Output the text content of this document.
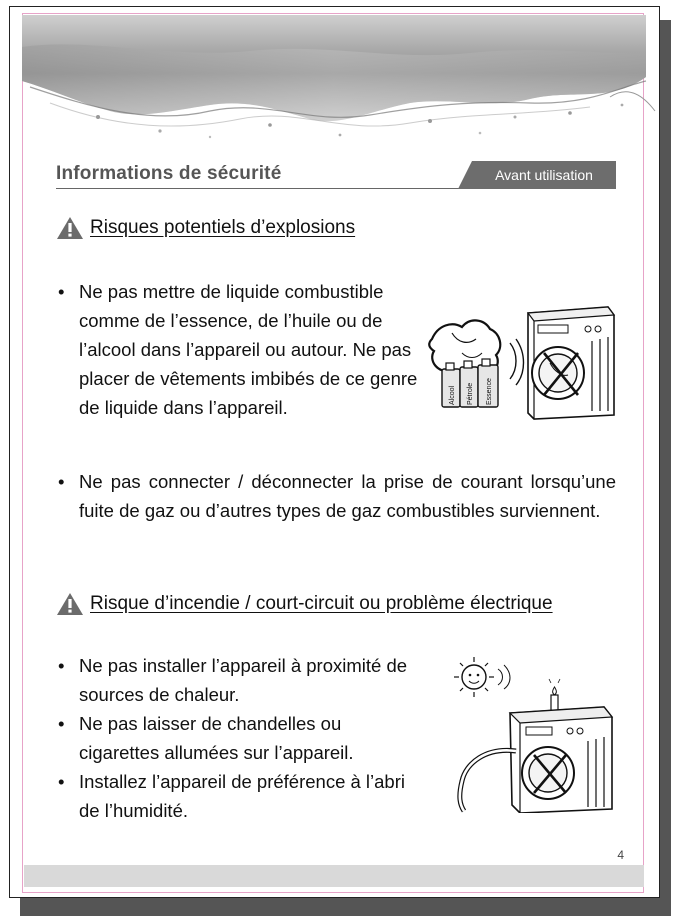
Informations de sécurité	Avant utilisation
Risques potentiels d’explosions
• Ne pas mettre de liquide combustible comme de l’essence, de l’huile ou de l’alcool dans l’appareil ou autour. Ne pas placer de vêtements imbibés de ce genre de liquide dans l’appareil.
• Ne pas connecter / déconnecter la prise de courant lorsqu’une fuite de gaz ou d’autres types de gaz combustibles surviennent.
Alcool Pétrole Essence
Risque d’incendie / court-circuit ou problème électrique
• Ne pas installer l’appareil à proximité de sources de chaleur.
• Ne pas laisser de chandelles ou cigarettes allumées sur l’appareil.
• Installez l’appareil de préférence à l’abri de l’humidité.
4
